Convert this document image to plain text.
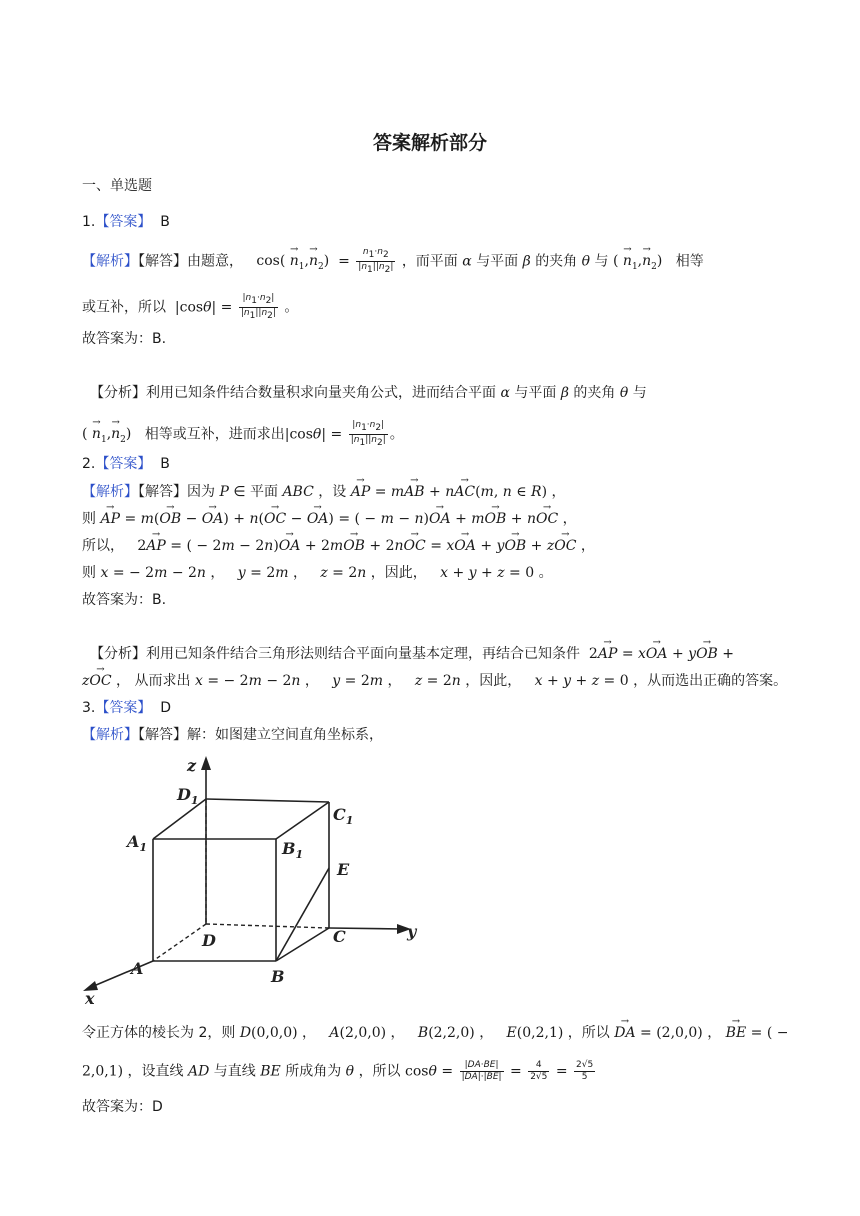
答案解析部分
一、单选题
1.【答案】 B
【解析】【解答】由题意， cos( $n \to_1,n \to_2) = \frac{n_1\cdot n_2}{|n_1||n_2|}$ ，而平面 α 与平面 β 的夹角 θ 与 ( $n \to_1,n \to_2$) 相等
或互补，所以 $|\cos\theta| = \frac{|n_1\cdot n_2|}{|n_1||n_2|}$ 。
故答案为：B.
【分析】利用已知条件结合数量积求向量夹角公式，进而结合平面 α 与平面 β 的夹角 θ 与
( $n \to_1,n \to_2$) 相等或互补，进而求出$|\cos\theta| = \frac{|n_1\cdot n_2|}{|n_1||n_2|}$ 。
2.【答案】 B
【解析】【解答】因为 P ∈ 平面 ABC ，设 AP → = mAB → + nAC →(m, n ∈ R) ，
则 AP → = m(OB → − OA →) + n(OC → − OA →) = ( − m − n)OA → + mOB → + nOC → ，
所以， 2AP → = ( − 2m − 2n)OA → + 2mOB → + 2nOC → = xOA → + yOB → + zOC → ，
则 x = − 2m − 2n ， y = 2m ， z = 2n ，因此， x + y + z = 0 。
故答案为：B.
【分析】利用已知条件结合三角形法则结合平面向量基本定理，再结合已知条件 2AP → = xOA → + yOB → +
zOC → ， 从而求出 x = − 2m − 2n ， y = 2m ， z = 2n ，因此， x + y + z = 0 ，从而选出正确的答案。
3.【答案】 D
【解析】【解答】解：如图建立空间直角坐标系，
z
y
x
$D_1$
$C_1$
$A_1$	$B_1$
E
D	C
A	B
令正方体的棱长为 2，则 D(0,0,0) ， A(2,0,0) ， B(2,2,0) ， E(0,2,1) ，所以 DA → = (2,0,0) ， BE → = ( −
2,0,1) ，设直线 AD 与直线 BE 所成角为 θ ，所以 $\cos\theta = \frac{|DA\cdot BE|}{|DA|\cdot|BE|} = \frac{4}{2√5} = \frac{2√5}{5}$
故答案为：D
